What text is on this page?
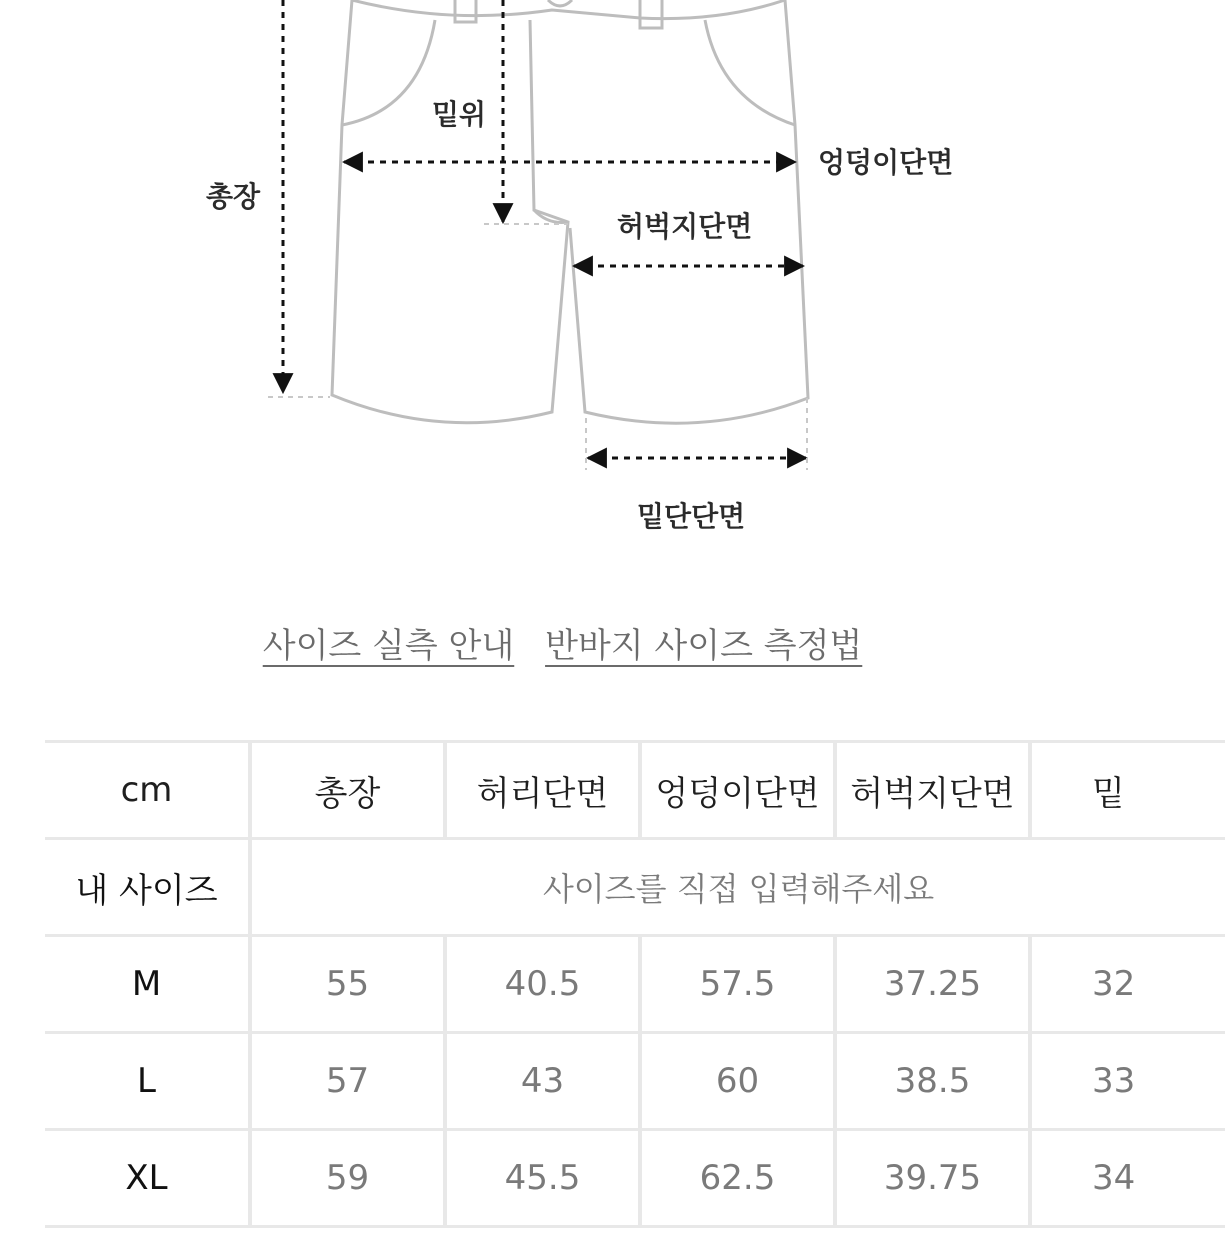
밑위
총장
엉덩이단면
허벅지단면
밑단단면
사이즈 실측 안내 반바지 사이즈 측정법
cm	총장	허리단면	엉덩이단면	허벅지단면	밑
내 사이즈	사이즈를 직접 입력해주세요				
M	55	40.5	57.5	37.25	32
L	57	43	60	38.5	33
XL	59	45.5	62.5	39.75	34
